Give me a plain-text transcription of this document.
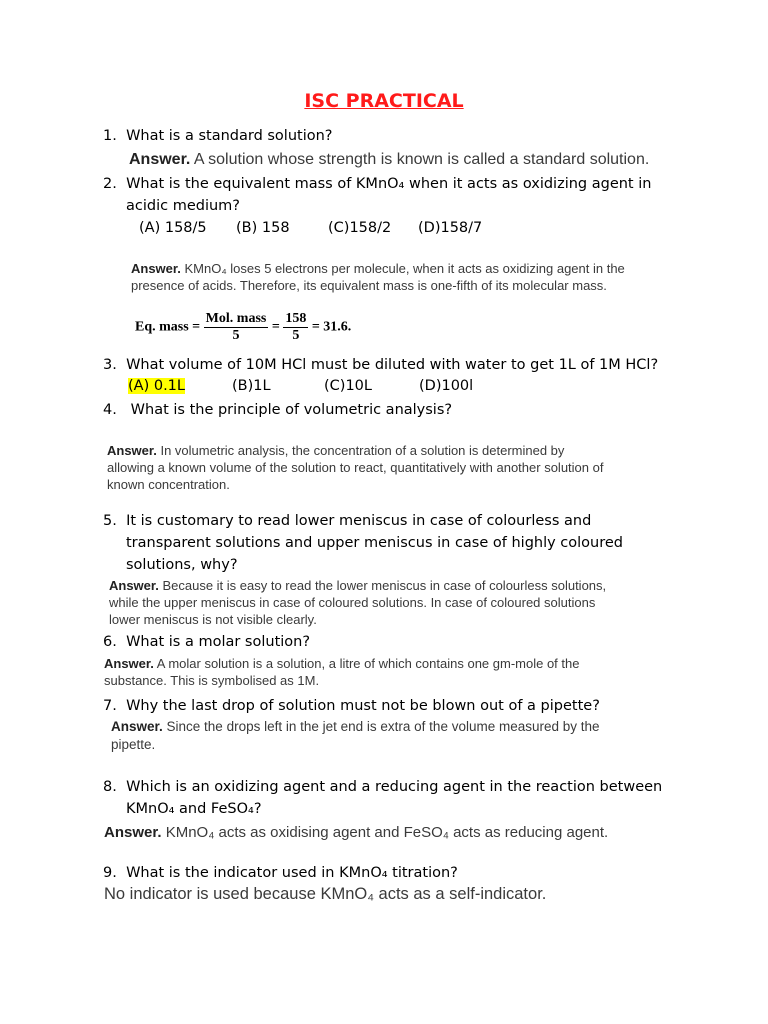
ISC PRACTICAL
1. What is a standard solution?
Answer. A solution whose strength is known is called a standard solution.
2. What is the equivalent mass of KMnO₄ when it acts as oxidizing agent in
acidic medium?
(A) 158/5 (B) 158	(C)158/2 (D)158/7
Answer. KMnO₄ loses 5 electrons per molecule, when it acts as oxidizing agent in the
presence of acids. Therefore, its equivalent mass is one-fifth of its molecular mass.
Eq. mass = $\frac{\text{Mol. mass}}{5} = \frac{158}{5} = 31.6$.
3. What volume of 10M HCl must be diluted with water to get 1L of 1M HCl?
(A) 0.1L	(B)1L	(C)10L	(D)100l
4. What is the principle of volumetric analysis?
Answer. In volumetric analysis, the concentration of a solution is determined by
allowing a known volume of the solution to react, quantitatively with another solution of
known concentration.
5. It is customary to read lower meniscus in case of colourless and
transparent solutions and upper meniscus in case of highly coloured
solutions, why?
Answer. Because it is easy to read the lower meniscus in case of colourless solutions,
while the upper meniscus in case of coloured solutions. In case of coloured solutions
lower meniscus is not visible clearly.
6. What is a molar solution?
Answer. A molar solution is a solution, a litre of which contains one gm-mole of the
substance. This is symbolised as 1M.
7. Why the last drop of solution must not be blown out of a pipette?
Answer. Since the drops left in the jet end is extra of the volume measured by the
pipette.
8. Which is an oxidizing agent and a reducing agent in the reaction between
KMnO₄ and FeSO₄?
Answer. KMnO₄ acts as oxidising agent and FeSO₄ acts as reducing agent.
9. What is the indicator used in KMnO₄ titration?
No indicator is used because KMnO₄ acts as a self-indicator.
